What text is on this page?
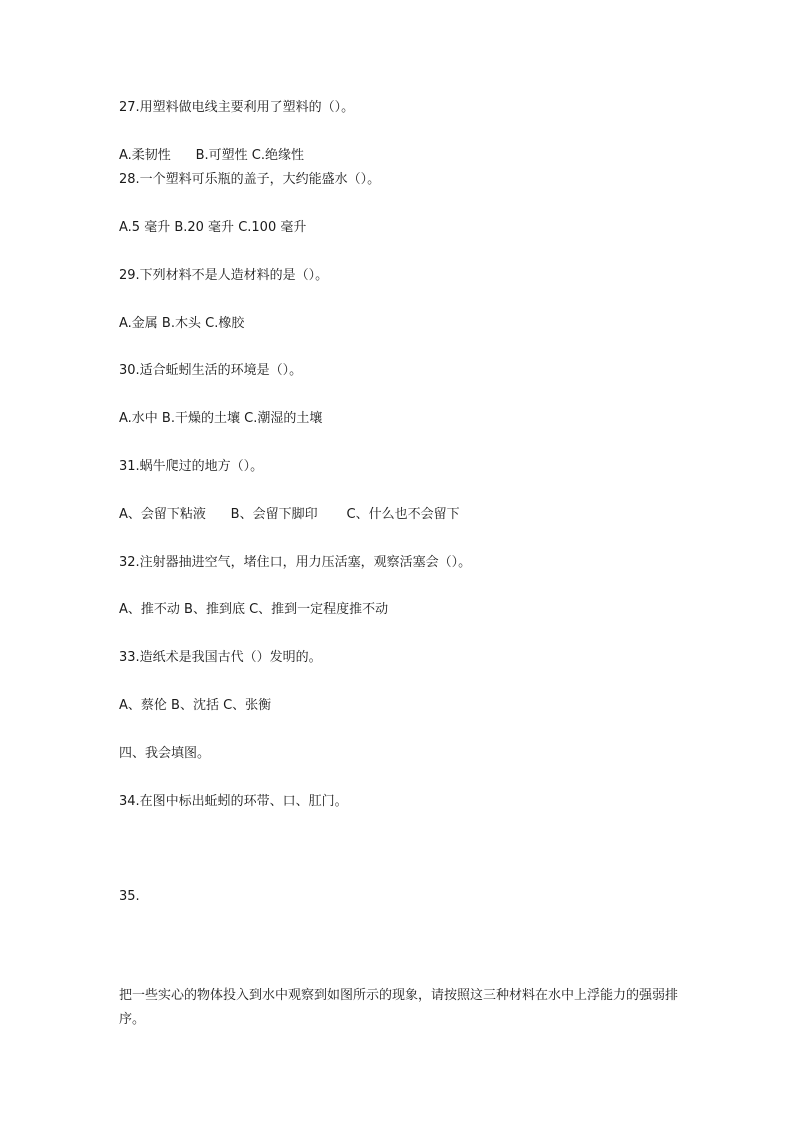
27.用塑料做电线主要利用了塑料的（）。
A.柔韧性      B.可塑性 C.绝缘性
28.一个塑料可乐瓶的盖子，大约能盛水（）。
A.5 毫升 B.20 毫升 C.100 毫升
29.下列材料不是人造材料的是（）。
A.金属 B.木头 C.橡胶
30.适合蚯蚓生活的环境是（）。
A.水中 B.干燥的土壤 C.潮湿的土壤
31.蜗牛爬过的地方（）。
A、会留下粘液      B、会留下脚印       C、什么也不会留下
32.注射器抽进空气，堵住口，用力压活塞，观察活塞会（）。
A、推不动 B、推到底 C、推到一定程度推不动
33.造纸术是我国古代（）发明的。
A、蔡伦 B、沈括 C、张衡
四、我会填图。
34.在图中标出蚯蚓的环带、口、肛门。
35.
把一些实心的物体投入到水中观察到如图所示的现象，请按照这三种材料在水中上浮能力的强弱排序。
